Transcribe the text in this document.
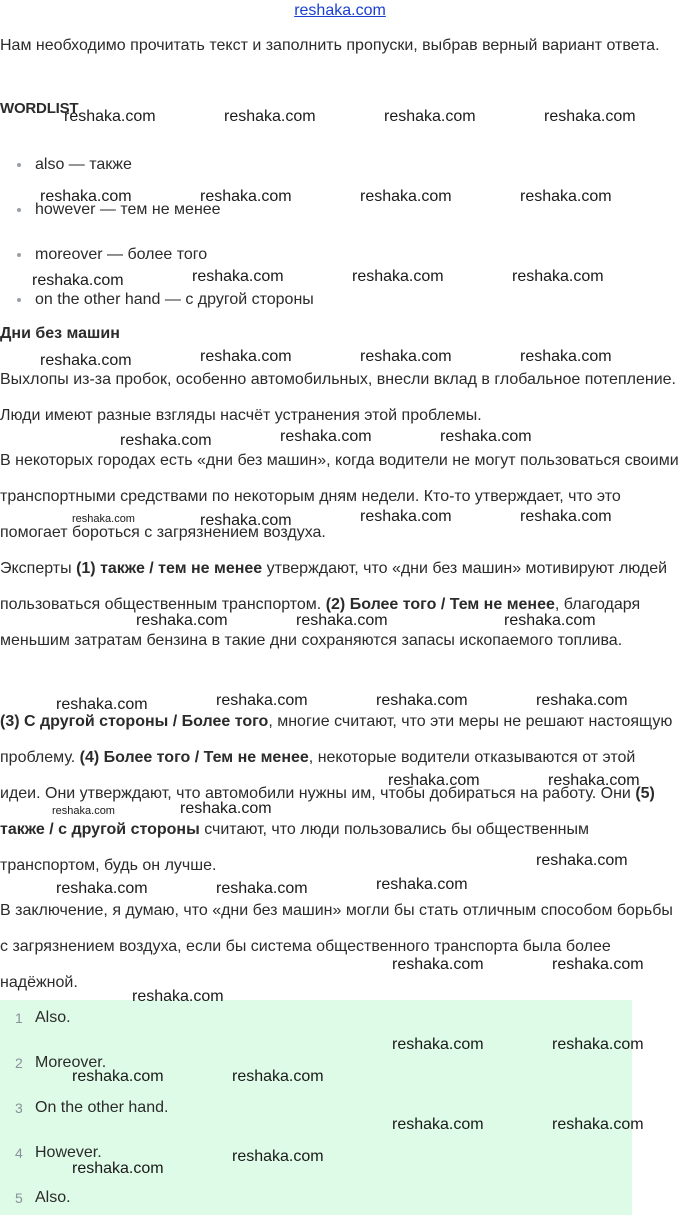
reshaka.com

Нам необходимо прочитать текст и заполнить пропуски, выбрав верный вариант ответа.

WORDLIST
also — также
however — тем не менее
moreover — более того
on the other hand — с другой стороны
Дни без машин

Выхлопы из-за пробок, особенно автомобильных, внесли вклад в глобальное потепление. Люди имеют разные взгляды насчёт устранения этой проблемы.

В некоторых городах есть «дни без машин», когда водители не могут пользоваться своими транспортными средствами по некоторым дням недели. Кто-то утверждает, что это помогает бороться с загрязнением воздуха.

Эксперты (1) также / тем не менее утверждают, что «дни без машин» мотивируют людей пользоваться общественным транспортом. (2) Более того / Тем не менее, благодаря меньшим затратам бензина в такие дни сохраняются запасы ископаемого топлива.

(3) С другой стороны / Более того, многие считают, что эти меры не решают настоящую проблему. (4) Более того / Тем не менее, некоторые водители отказываются от этой идеи. Они утверждают, что автомобили нужны им, чтобы добираться на работу. Они (5) также / с другой стороны считают, что люди пользовались бы общественным транспортом, будь он лучше.

В заключение, я думаю, что «дни без машин» могли бы стать отличным способом борьбы с загрязнением воздуха, если бы система общественного транспорта была более надёжной.

1 Also.
2 Moreover.
3 On the other hand.
4 However.
5 Also.
reshaka.com	reshaka.com	reshaka.com	reshaka.com
reshaka.com	reshaka.com	reshaka.com	reshaka.com
reshaka.com	reshaka.com	reshaka.com	reshaka.com
reshaka.com	reshaka.com	reshaka.com	reshaka.com
reshaka.com	reshaka.com	reshaka.com
reshaka.com	reshaka.com	reshaka.com	reshaka.com
reshaka.com	reshaka.com	reshaka.com
reshaka.com	reshaka.com	reshaka.com	reshaka.com
reshaka.com	reshaka.com
reshaka.com	reshaka.com
reshaka.com
reshaka.com	reshaka.com	reshaka.com
reshaka.com	reshaka.com
reshaka.com
reshaka.com	reshaka.com
reshaka.com	reshaka.com
reshaka.com	reshaka.com
reshaka.com
reshaka.com
